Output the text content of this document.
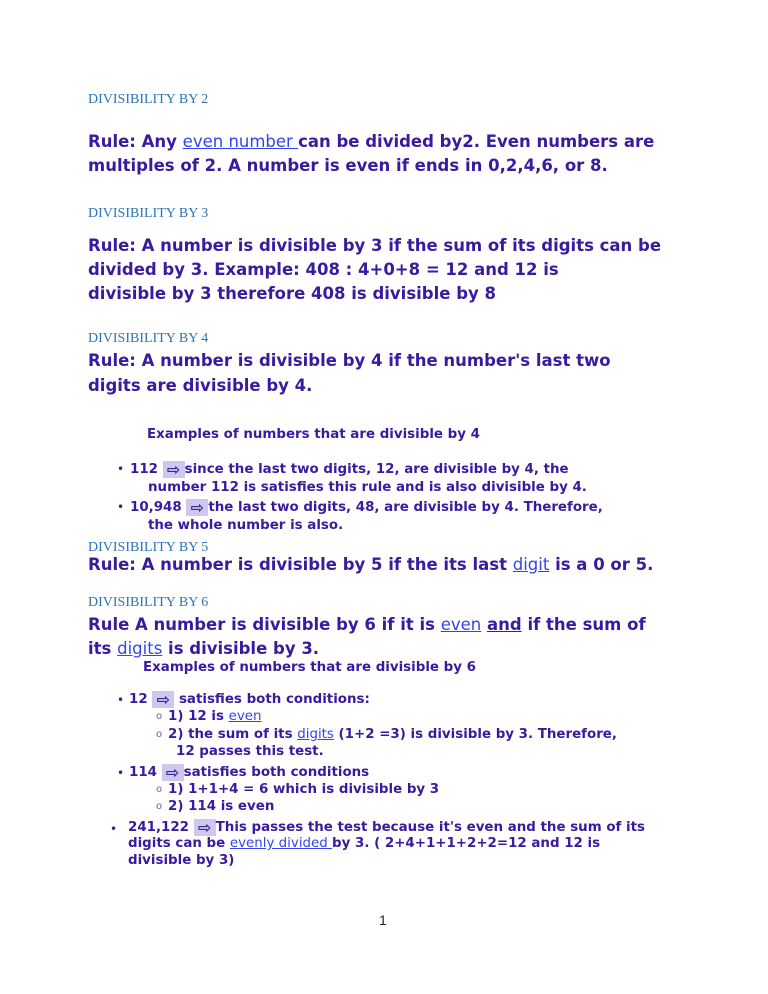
DIVISIBILITY BY 2
Rule: Any even number can be divided by2. Even numbers are
multiples of 2. A number is even if ends in 0,2,4,6, or 8.
DIVISIBILITY BY 3
Rule: A number is divisible by 3 if the sum of its digits can be
divided by 3. Example: 408 : 4+0+8 = 12 and 12 is
divisible by 3 therefore 408 is divisible by 8
DIVISIBILITY BY 4
Rule: A number is divisible by 4 if the number's last two
digits are divisible by 4.
Examples of numbers that are divisible by 4
• 112 ⇨ since the last two digits, 12, are divisible by 4, the
number 112 is satisfies this rule and is also divisible by 4.
• 10,948 ⇨ the last two digits, 48, are divisible by 4. Therefore,
the whole number is also.
DIVISIBILITY BY 5
Rule: A number is divisible by 5 if the its last digit is a 0 or 5.
DIVISIBILITY BY 6
Rule A number is divisible by 6 if it is even and if the sum of
its digits is divisible by 3.
Examples of numbers that are divisible by 6
• 12 ⇨ satisfies both conditions:
o 1) 12 is even
o 2) the sum of its digits (1+2 =3) is divisible by 3. Therefore,
12 passes this test.
• 114 ⇨ satisfies both conditions
o 1) 1+1+4 = 6 which is divisible by 3
o 2) 114 is even
• 241,122 ⇨ This passes the test because it's even and the sum of its
digits can be evenly divided by 3. ( 2+4+1+1+2+2=12 and 12 is
divisible by 3)
1
